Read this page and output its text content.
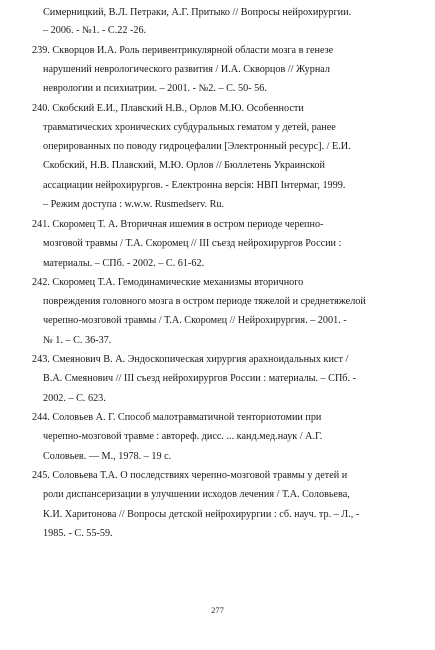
Симерницкий, В.Л. Петраки, А.Г. Притыко // Вопросы нейрохирургии.

– 2006. - №1. - С.22 -26.

239. Скворцов И.А. Роль перивентрикулярной области мозга в генезе

нарушений неврологического развития / И.А. Скворцов // Журнал

неврологии и психиатрии. – 2001. - №2. – С. 50- 56.

240. Скобский Е.И., Плавский Н.В., Орлов М.Ю. Особенности

травматических хронических субдуральных гематом у детей, ранее

оперированных по поводу гидроцефалии [Электронный ресурс]. / Е.И.

Скобский, Н.В. Плавский, М.Ю. Орлов // Бюллетень Украинской

ассациации нейрохирургов. - Електронна версія: НВП Інтермаг, 1999.

– Режим доступа : w.w.w. Rusmedserv. Ru.

241. Скоромец Т. А. Вторичная ишемия в остром периоде черепно-

мозговой травмы / Т.А. Скоромец // III съезд нейрохирургов России :

материалы. – СПб. - 2002. – С. 61-62.

242. Скоромец Т.А. Гемодинамические механизмы вторичного

повреждения головного мозга в остром периоде тяжелой и среднетяжелой

черепно-мозговой травмы / Т.А. Скоромец // Нейрохирургия. – 2001. -

№ 1. – С. 36-37.

243. Смеянович В. А. Эндоскопическая хирургия арахноидальных кист /

В.А. Смеянович // III съезд нейрохирургов России : материалы. – СПб. -

2002. – С. 623.

244. Соловьев А. Г. Способ малотравматичной тенториотомии при

черепно-мозговой травме : автореф. дисс. ... канд.мед.наук / А.Г.

Соловьев. — М., 1978. – 19 с.

245. Соловьева Т.А. О последствиях черепно-мозговой травмы у детей и

роли диспансеризации в улучшении исходов лечения / Т.А. Соловьева,

К.И. Харитонова // Вопросы детской нейрохирургии : сб. науч. тр. – Л., -

1985. - С. 55-59.

277
